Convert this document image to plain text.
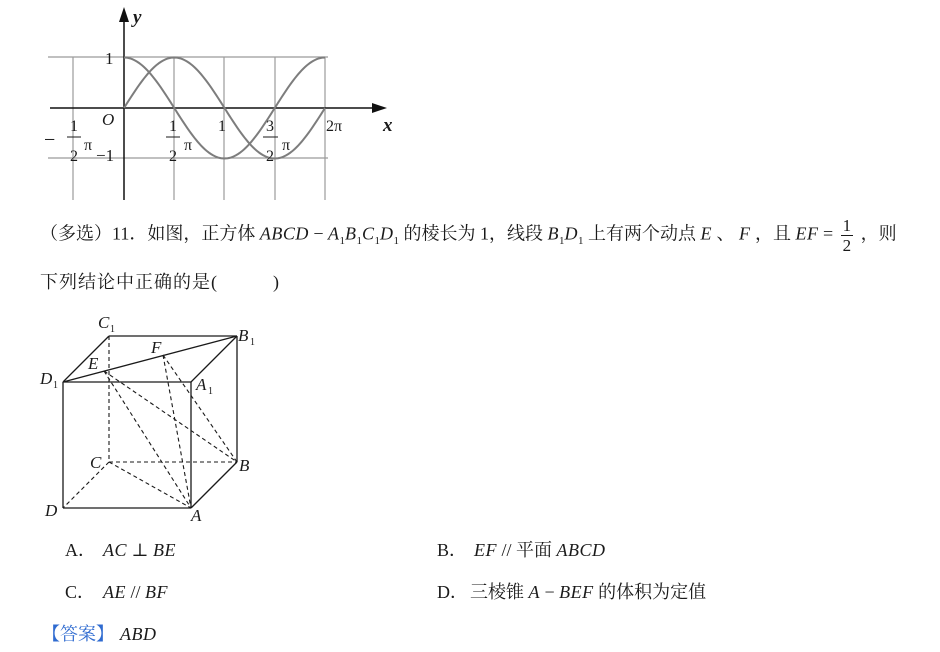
y
x
1
O
−1
−
1
2
π
1
2
π
1	3
2
π
2π
（多选）11．如图，正方体 ABCD − $A_1B_1C_1D_1$ 的棱长为 1，线段 $B_1D_1$ 上有两个动点 E 、 F ，且 EF = $\frac{1}{2}$ ，则
下列结论中正确的是(          )
C 1	B 1
D 1	A 1
E
F
C	B
D	A
A． AC ⊥ BE	B． EF // 平面 ABCD
C． AE // BF	D． 三棱锥 A − BEF 的体积为定值
【答案】 ABD
